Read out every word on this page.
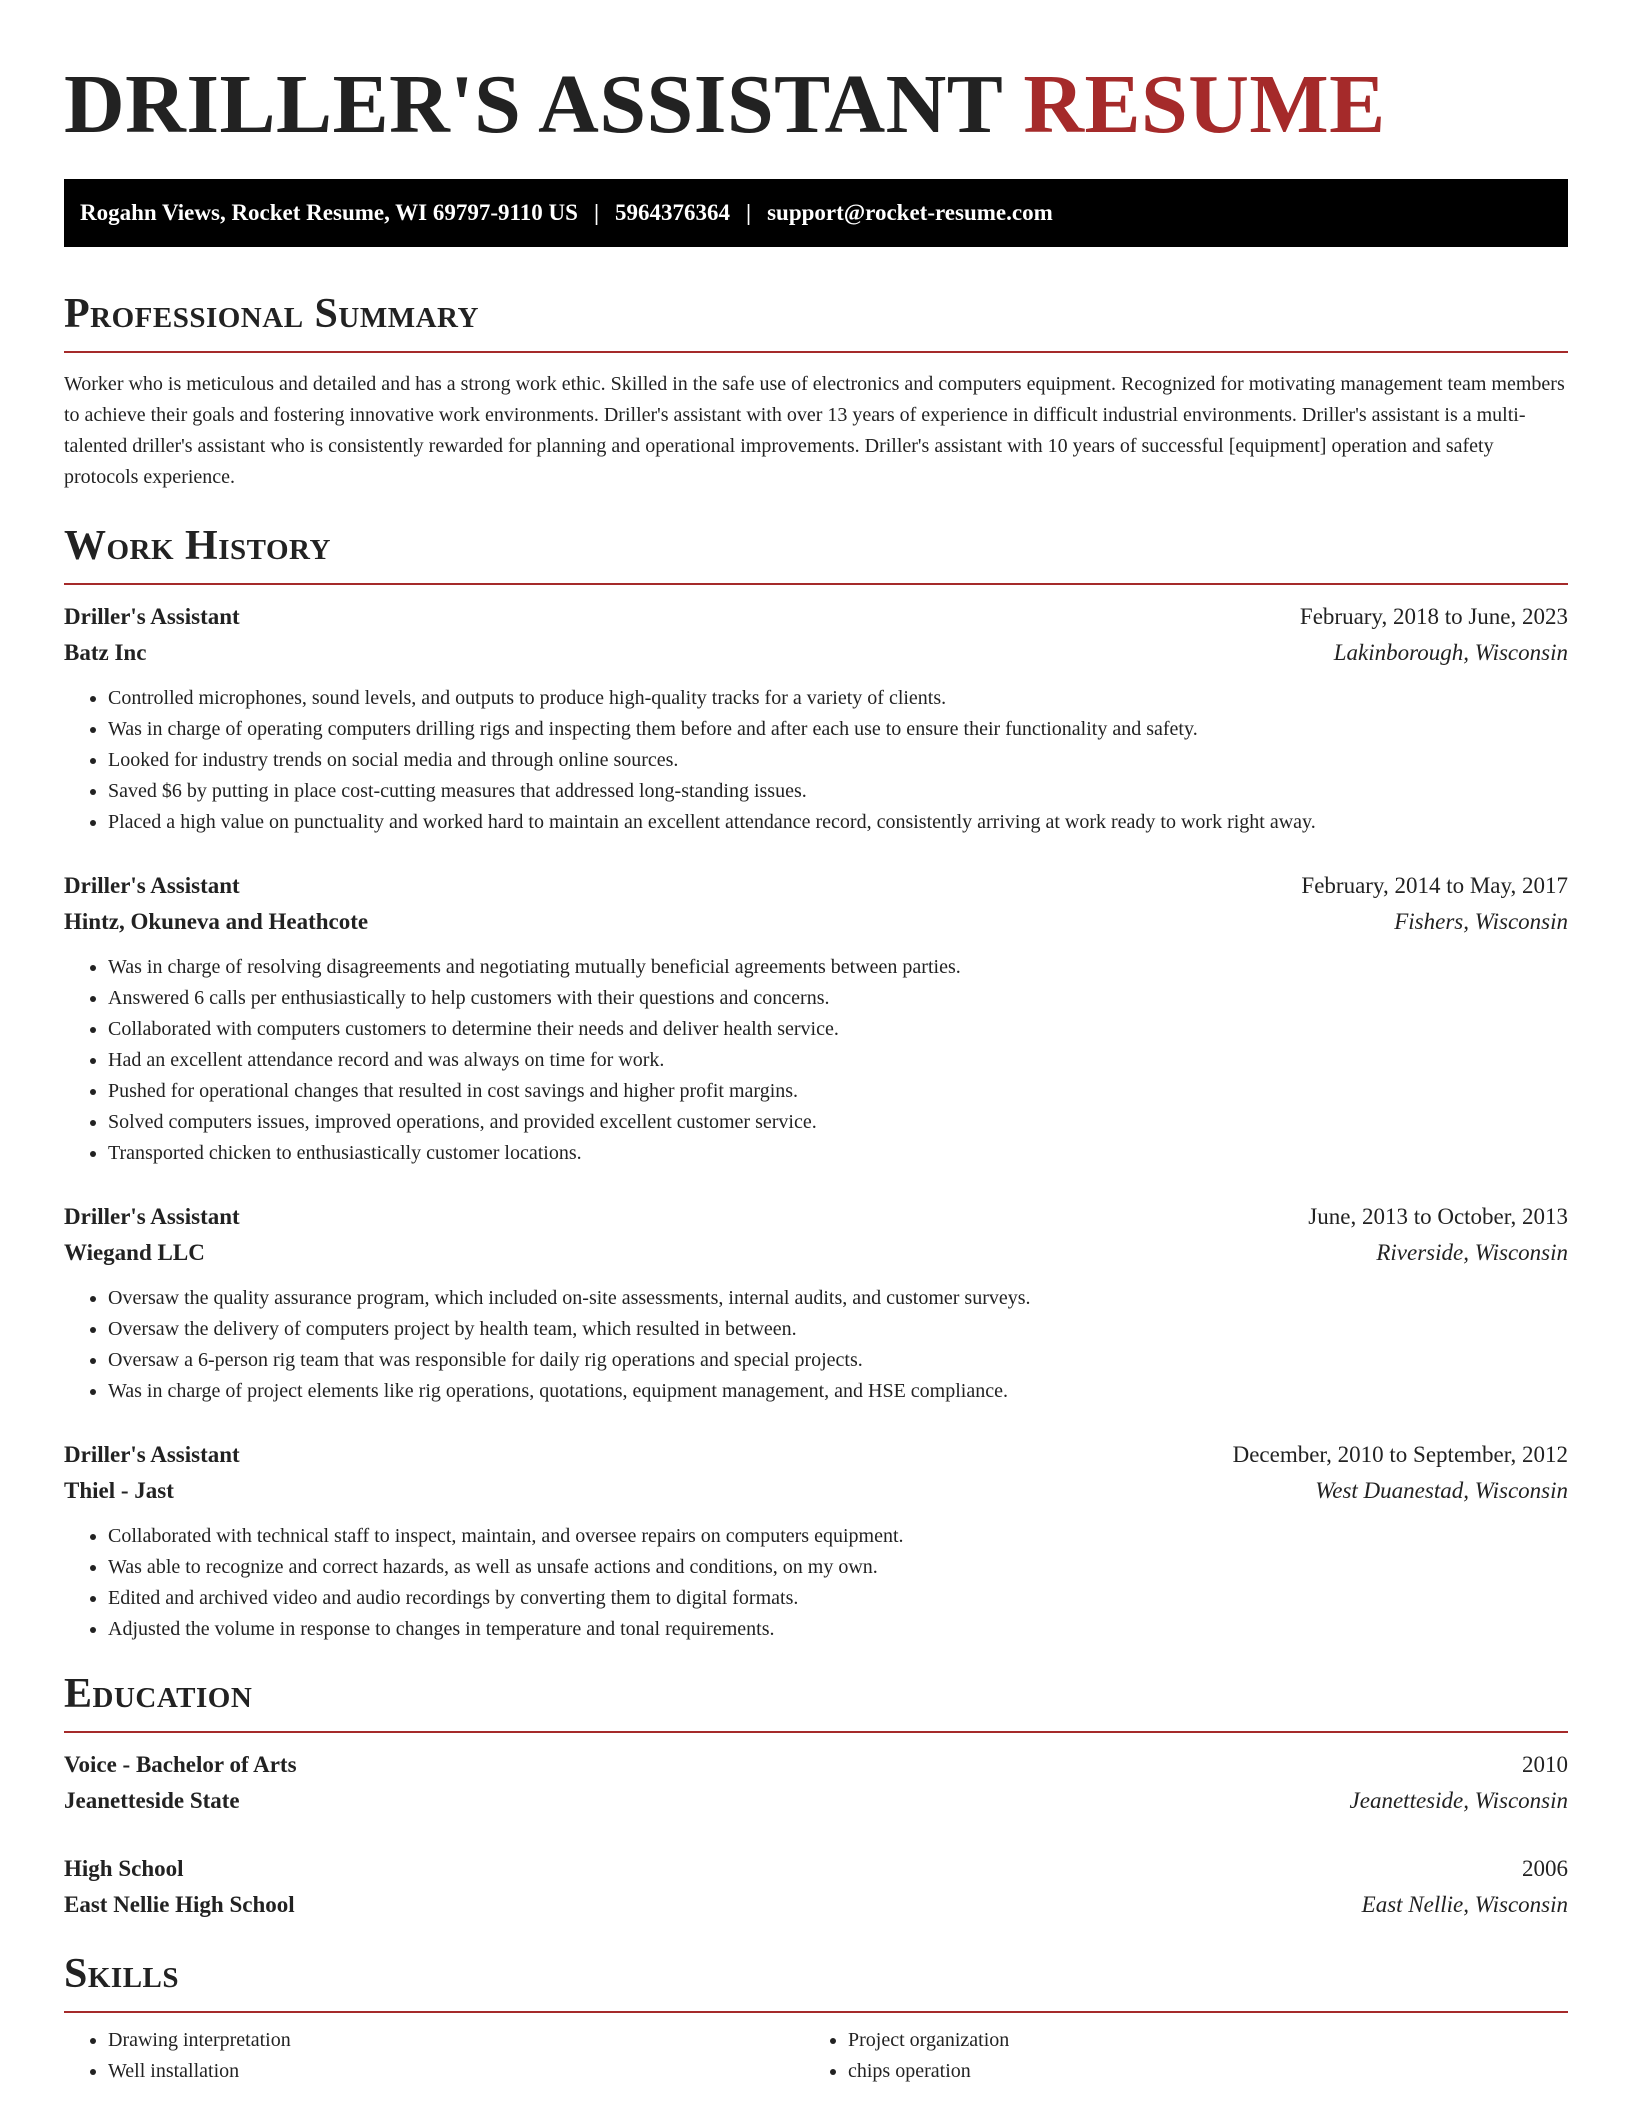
DRILLER'S ASSISTANT RESUME
Rogahn Views, Rocket Resume, WI 69797-9110 US | 5964376364 | support@rocket-resume.com
Professional Summary

Worker who is meticulous and detailed and has a strong work ethic. Skilled in the safe use of electronics and computers equipment. Recognized for motivating management team members to achieve their goals and fostering innovative work environments. Driller's assistant with over 13 years of experience in difficult industrial environments. Driller's assistant is a multi-talented driller's assistant who is consistently rewarded for planning and operational improvements. Driller's assistant with 10 years of successful [equipment] operation and safety protocols experience.

Work History
Driller's Assistant	February, 2018 to June, 2023
Batz Inc	Lakinborough, Wisconsin
• Controlled microphones, sound levels, and outputs to produce high-quality tracks for a variety of clients.
• Was in charge of operating computers drilling rigs and inspecting them before and after each use to ensure their functionality and safety.
• Looked for industry trends on social media and through online sources.
• Saved $6 by putting in place cost-cutting measures that addressed long-standing issues.
• Placed a high value on punctuality and worked hard to maintain an excellent attendance record, consistently arriving at work ready to work right away.
Driller's Assistant	February, 2014 to May, 2017
Hintz, Okuneva and Heathcote	Fishers, Wisconsin
• Was in charge of resolving disagreements and negotiating mutually beneficial agreements between parties.
• Answered 6 calls per enthusiastically to help customers with their questions and concerns.
• Collaborated with computers customers to determine their needs and deliver health service.
• Had an excellent attendance record and was always on time for work.
• Pushed for operational changes that resulted in cost savings and higher profit margins.
• Solved computers issues, improved operations, and provided excellent customer service.
• Transported chicken to enthusiastically customer locations.
Driller's Assistant	June, 2013 to October, 2013
Wiegand LLC	Riverside, Wisconsin
• Oversaw the quality assurance program, which included on-site assessments, internal audits, and customer surveys.
• Oversaw the delivery of computers project by health team, which resulted in between.
• Oversaw a 6-person rig team that was responsible for daily rig operations and special projects.
• Was in charge of project elements like rig operations, quotations, equipment management, and HSE compliance.
Driller's Assistant	December, 2010 to September, 2012
Thiel - Jast	West Duanestad, Wisconsin
• Collaborated with technical staff to inspect, maintain, and oversee repairs on computers equipment.
• Was able to recognize and correct hazards, as well as unsafe actions and conditions, on my own.
• Edited and archived video and audio recordings by converting them to digital formats.
• Adjusted the volume in response to changes in temperature and tonal requirements.
Education
Voice - Bachelor of Arts	2010
Jeanetteside State	Jeanetteside, Wisconsin
High School	2006
East Nellie High School	East Nellie, Wisconsin
Skills
• Drawing interpretation
• Well installation
• Project organization
• chips operation
